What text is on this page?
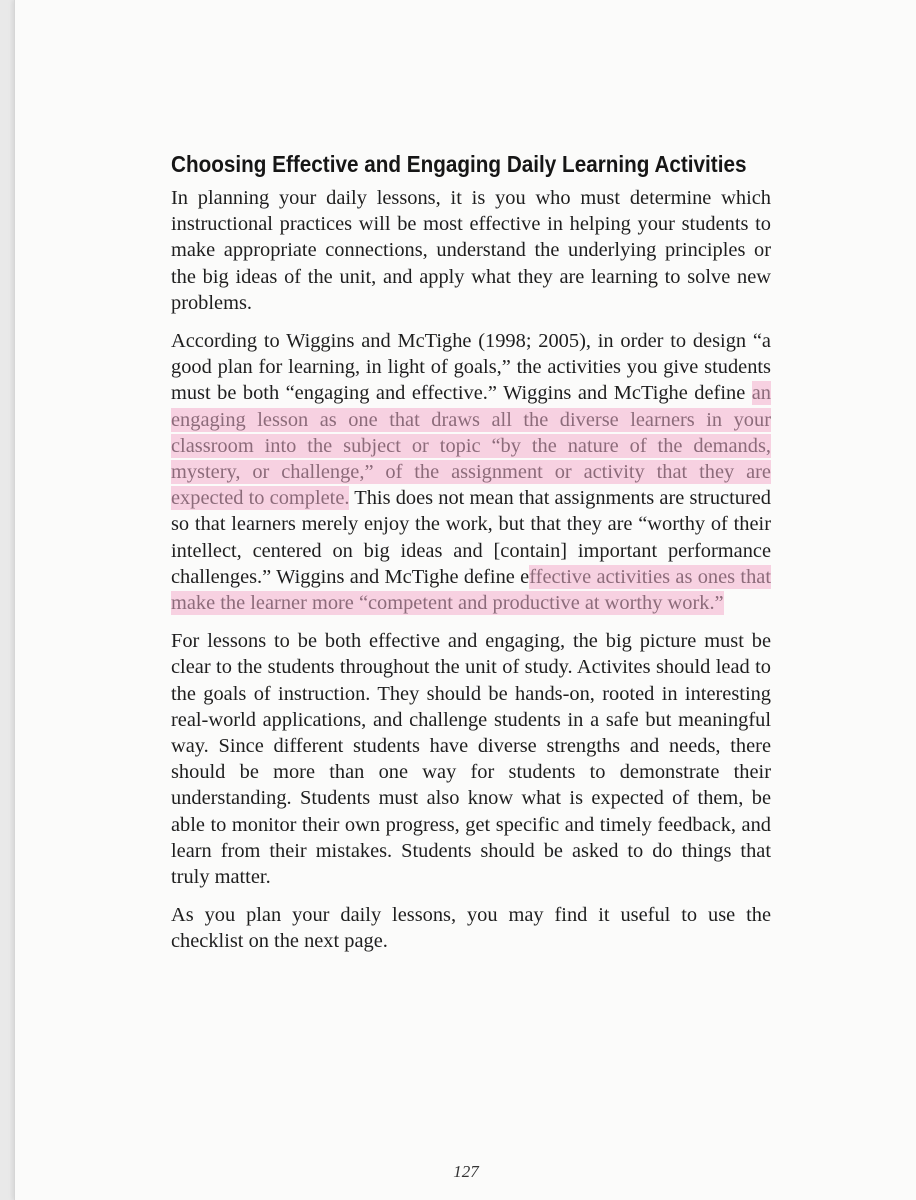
Choosing Effective and Engaging Daily Learning Activities

In planning your daily lessons, it is you who must determine which instructional practices will be most effective in helping your students to make appropriate connections, understand the underlying principles or the big ideas of the unit, and apply what they are learning to solve new problems.

According to Wiggins and McTighe (1998; 2005), in order to design “a good plan for learning, in light of goals,” the activities you give students must be both “engaging and effective.” Wiggins and McTighe define an engaging lesson as one that draws all the diverse learners in your classroom into the subject or topic “by the nature of the demands, mystery, or challenge,” of the assignment or activity that they are expected to complete. This does not mean that assignments are structured so that learners merely enjoy the work, but that they are “worthy of their intellect, centered on big ideas and [contain] important performance challenges.” Wiggins and McTighe define effective activities as ones that make the learner more “competent and productive at worthy work.”

For lessons to be both effective and engaging, the big picture must be clear to the students throughout the unit of study. Activites should lead to the goals of instruction. They should be hands-on, rooted in interesting real-world applications, and challenge students in a safe but meaningful way. Since different students have diverse strengths and needs, there should be more than one way for students to demonstrate their understanding. Students must also know what is expected of them, be able to monitor their own progress, get specific and timely feedback, and learn from their mistakes. Students should be asked to do things that truly matter.

As you plan your daily lessons, you may find it useful to use the checklist on the next page.

127
